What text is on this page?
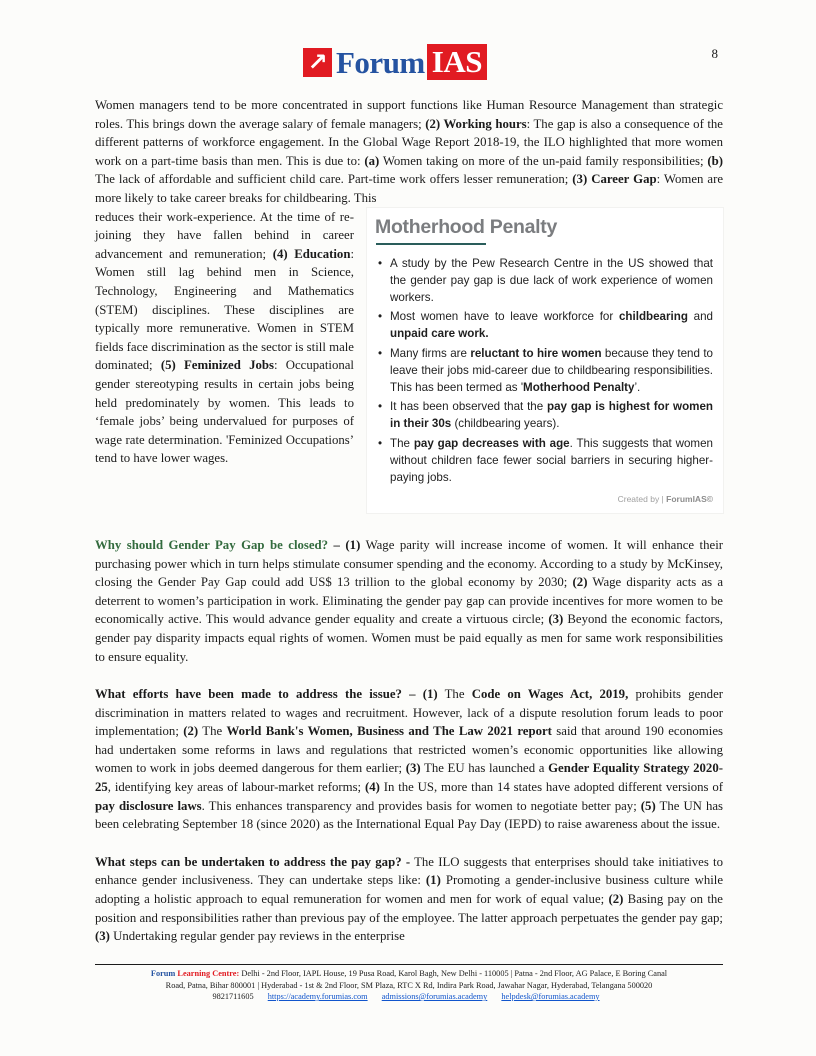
↗ Forum IAS	8

Women managers tend to be more concentrated in support functions like Human Resource Management than strategic roles. This brings down the average salary of female managers; (2) Working hours: The gap is also a consequence of the different patterns of workforce engagement. In the Global Wage Report 2018-19, the ILO highlighted that more women work on a part-time basis than men. This is due to: (a) Women taking on more of the un-paid family responsibilities; (b) The lack of affordable and sufficient child care. Part-time work offers lesser remuneration; (3) Career Gap: Women are more likely to take career breaks for childbearing. This

Motherhood Penalty
• A study by the Pew Research Centre in the US showed that the gender pay gap is due lack of work experience of women workers.
• Most women have to leave workforce for childbearing and unpaid care work.
• Many firms are reluctant to hire women because they tend to leave their jobs mid-career due to childbearing responsibilities. This has been termed as 'Motherhood Penalty’.
• It has been observed that the pay gap is highest for women in their 30s (childbearing years).
• The pay gap decreases with age. This suggests that women without children face fewer social barriers in securing higher-paying jobs.
Created by | ForumIAS©

reduces their work-experience. At the time of re-joining they have fallen behind in career advancement and remuneration; (4) Education: Women still lag behind men in Science, Technology, Engineering and Mathematics (STEM) disciplines. These disciplines are typically more remunerative. Women in STEM fields face discrimination as the sector is still male dominated; (5) Feminized Jobs: Occupational gender stereotyping results in certain jobs being held predominately by women. This leads to ‘female jobs’ being undervalued for purposes of wage rate determination. 'Feminized Occupations’ tend to have lower wages.

Why should Gender Pay Gap be closed? – (1) Wage parity will increase income of women. It will enhance their purchasing power which in turn helps stimulate consumer spending and the economy. According to a study by McKinsey, closing the Gender Pay Gap could add US$ 13 trillion to the global economy by 2030; (2) Wage disparity acts as a deterrent to women’s participation in work. Eliminating the gender pay gap can provide incentives for more women to be economically active. This would advance gender equality and create a virtuous circle; (3) Beyond the economic factors, gender pay disparity impacts equal rights of women. Women must be paid equally as men for same work responsibilities to ensure equality.

What efforts have been made to address the issue? – (1) The Code on Wages Act, 2019, prohibits gender discrimination in matters related to wages and recruitment. However, lack of a dispute resolution forum leads to poor implementation; (2) The World Bank's Women, Business and The Law 2021 report said that around 190 economies had undertaken some reforms in laws and regulations that restricted women’s economic opportunities like allowing women to work in jobs deemed dangerous for them earlier; (3) The EU has launched a Gender Equality Strategy 2020-25, identifying key areas of labour-market reforms; (4) In the US, more than 14 states have adopted different versions of pay disclosure laws. This enhances transparency and provides basis for women to negotiate better pay; (5) The UN has been celebrating September 18 (since 2020) as the International Equal Pay Day (IEPD) to raise awareness about the issue.

What steps can be undertaken to address the pay gap? - The ILO suggests that enterprises should take initiatives to enhance gender inclusiveness. They can undertake steps like: (1) Promoting a gender-inclusive business culture while adopting a holistic approach to equal remuneration for women and men for work of equal value; (2) Basing pay on the position and responsibilities rather than previous pay of the employee. The latter approach perpetuates the gender pay gap; (3) Undertaking regular gender pay reviews in the enterprise

Forum Learning Centre: Delhi - 2nd Floor, IAPL House, 19 Pusa Road, Karol Bagh, New Delhi - 110005 | Patna - 2nd Floor, AG Palace, E Boring Canal
Road, Patna, Bihar 800001 | Hyderabad - 1st & 2nd Floor, SM Plaza, RTC X Rd, Indira Park Road, Jawahar Nagar, Hyderabad, Telangana 500020
9821711605 https://academy.forumias.com admissions@forumias.academy helpdesk@forumias.academy
